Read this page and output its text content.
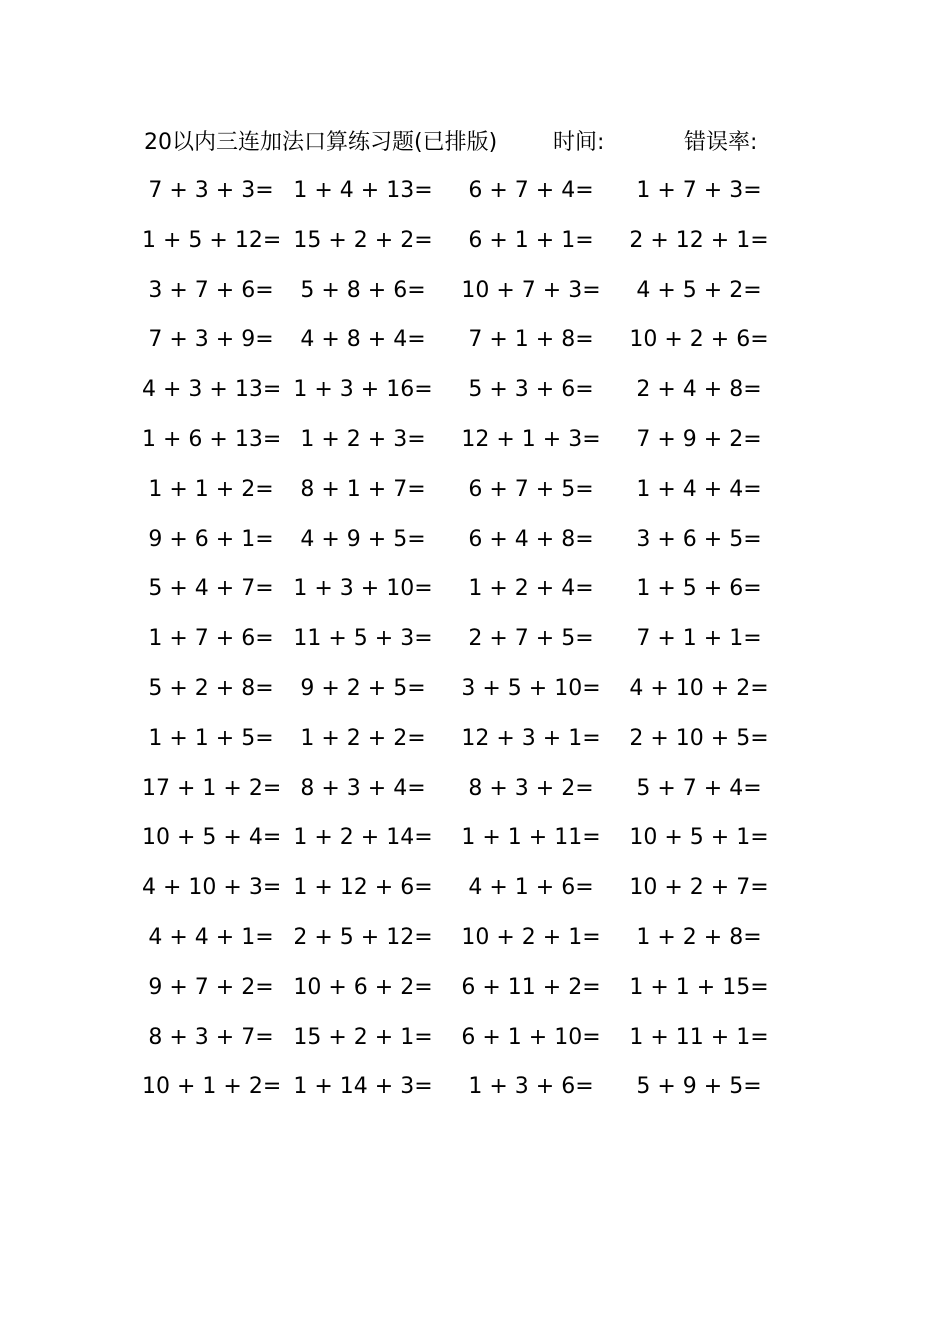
20以内三连加法口算练习题(已排版)	时间:	错误率:
7 + 3 + 3= 1 + 4 + 13=	6 + 7 + 4=	1 + 7 + 3=
1 + 5 + 12= 15 + 2 + 2=	6 + 1 + 1=	2 + 12 + 1=
3 + 7 + 6=	5 + 8 + 6=	10 + 7 + 3=	4 + 5 + 2=
7 + 3 + 9=	4 + 8 + 4=	7 + 1 + 8=	10 + 2 + 6=
4 + 3 + 13= 1 + 3 + 16=	5 + 3 + 6=	2 + 4 + 8=
1 + 6 + 13= 1 + 2 + 3=	12 + 1 + 3=	7 + 9 + 2=
1 + 1 + 2=	8 + 1 + 7=	6 + 7 + 5=	1 + 4 + 4=
9 + 6 + 1=	4 + 9 + 5=	6 + 4 + 8=	3 + 6 + 5=
5 + 4 + 7= 1 + 3 + 10=	1 + 2 + 4=	1 + 5 + 6=
1 + 7 + 6= 11 + 5 + 3=	2 + 7 + 5=	7 + 1 + 1=
5 + 2 + 8=	9 + 2 + 5=	3 + 5 + 10=	4 + 10 + 2=
1 + 1 + 5=	1 + 2 + 2=	12 + 3 + 1=	2 + 10 + 5=
17 + 1 + 2= 8 + 3 + 4=	8 + 3 + 2=	5 + 7 + 4=
10 + 5 + 4= 1 + 2 + 14=	1 + 1 + 11=	10 + 5 + 1=
4 + 10 + 3= 1 + 12 + 6=	4 + 1 + 6=	10 + 2 + 7=
4 + 4 + 1= 2 + 5 + 12=	10 + 2 + 1=	1 + 2 + 8=
9 + 7 + 2= 10 + 6 + 2=	6 + 11 + 2=	1 + 1 + 15=
8 + 3 + 7= 15 + 2 + 1=	6 + 1 + 10=	1 + 11 + 1=
10 + 1 + 2= 1 + 14 + 3=	1 + 3 + 6=	5 + 9 + 5=
